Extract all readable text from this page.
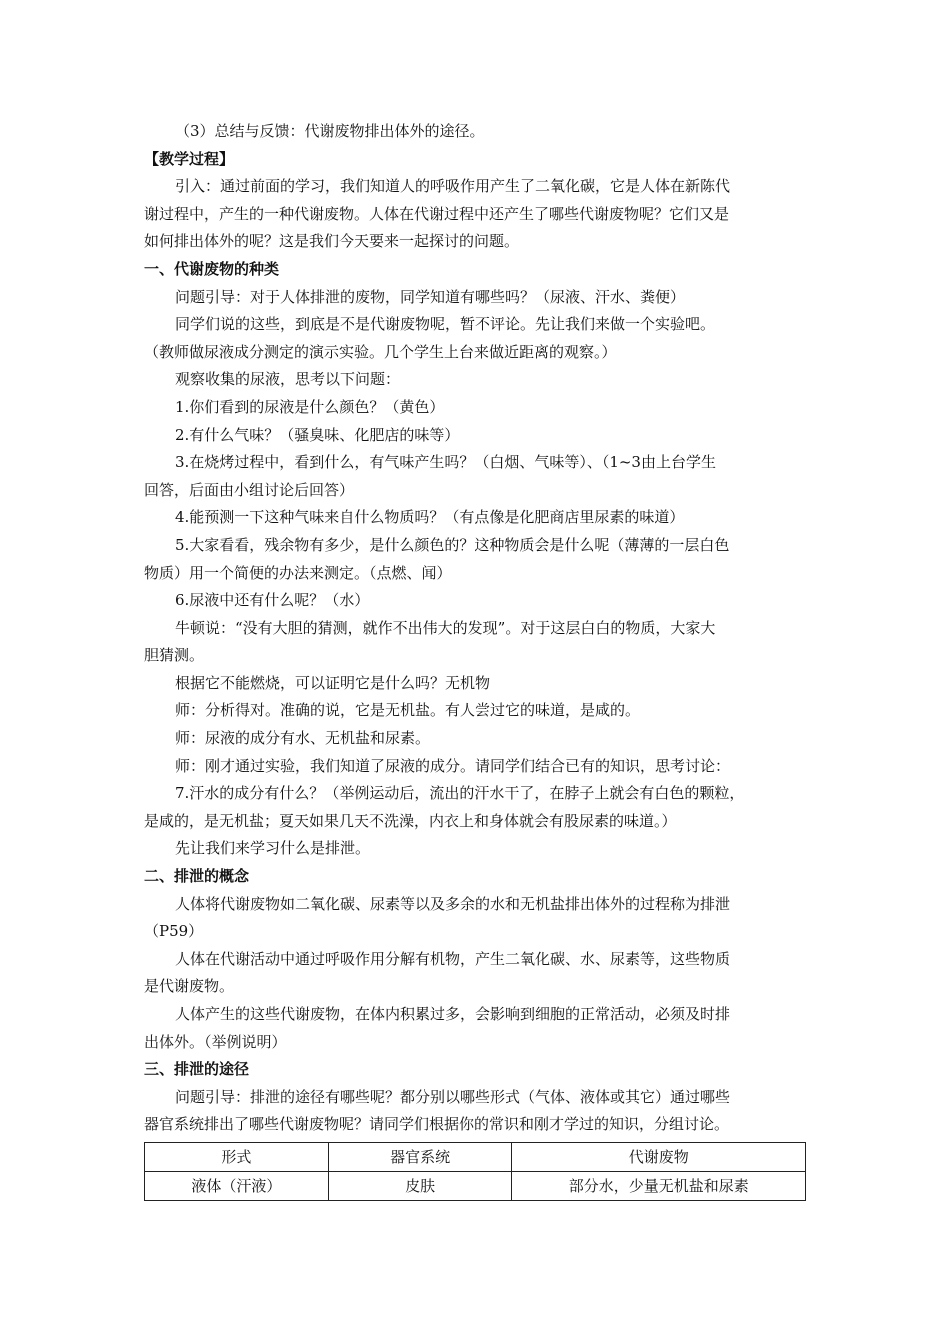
（3）总结与反馈：代谢废物排出体外的途径。
【教学过程】
引入：通过前面的学习，我们知道人的呼吸作用产生了二氧化碳，它是人体在新陈代
谢过程中，产生的一种代谢废物。人体在代谢过程中还产生了哪些代谢废物呢？它们又是
如何排出体外的呢？这是我们今天要来一起探讨的问题。
一、代谢废物的种类
问题引导：对于人体排泄的废物，同学知道有哪些吗？（尿液、汗水、粪便）
同学们说的这些，到底是不是代谢废物呢，暂不评论。先让我们来做一个实验吧。
（教师做尿液成分测定的演示实验。几个学生上台来做近距离的观察。）
观察收集的尿液，思考以下问题：
1.你们看到的尿液是什么颜色？（黄色）
2.有什么气味？（骚臭味、化肥店的味等）
3.在烧烤过程中，看到什么，有气味产生吗？（白烟、气味等）、（1~3由上台学生
回答，后面由小组讨论后回答）
4.能预测一下这种气味来自什么物质吗？（有点像是化肥商店里尿素的味道）
5.大家看看，残余物有多少，是什么颜色的？这种物质会是什么呢（薄薄的一层白色
物质）用一个简便的办法来测定。（点燃、闻）
6.尿液中还有什么呢？（水）
牛顿说：“没有大胆的猜测，就作不出伟大的发现”。对于这层白白的物质，大家大
胆猜测。
根据它不能燃烧，可以证明它是什么吗？无机物
师：分析得对。准确的说，它是无机盐。有人尝过它的味道，是咸的。
师：尿液的成分有水、无机盐和尿素。
师：刚才通过实验，我们知道了尿液的成分。请同学们结合已有的知识，思考讨论：
7.汗水的成分有什么？（举例运动后，流出的汗水干了，在脖子上就会有白色的颗粒，
是咸的，是无机盐；夏天如果几天不洗澡，内衣上和身体就会有股尿素的味道。）
先让我们来学习什么是排泄。
二、排泄的概念
人体将代谢废物如二氧化碳、尿素等以及多余的水和无机盐排出体外的过程称为排泄
（P59）
人体在代谢活动中通过呼吸作用分解有机物，产生二氧化碳、水、尿素等，这些物质
是代谢废物。
人体产生的这些代谢废物，在体内积累过多，会影响到细胞的正常活动，必须及时排
出体外。（举例说明）
三、排泄的途径
问题引导：排泄的途径有哪些呢？都分别以哪些形式（气体、液体或其它）通过哪些
器官系统排出了哪些代谢废物呢？请同学们根据你的常识和刚才学过的知识，分组讨论。
形式	器官系统	代谢废物
液体（汗液）	皮肤	部分水，少量无机盐和尿素
